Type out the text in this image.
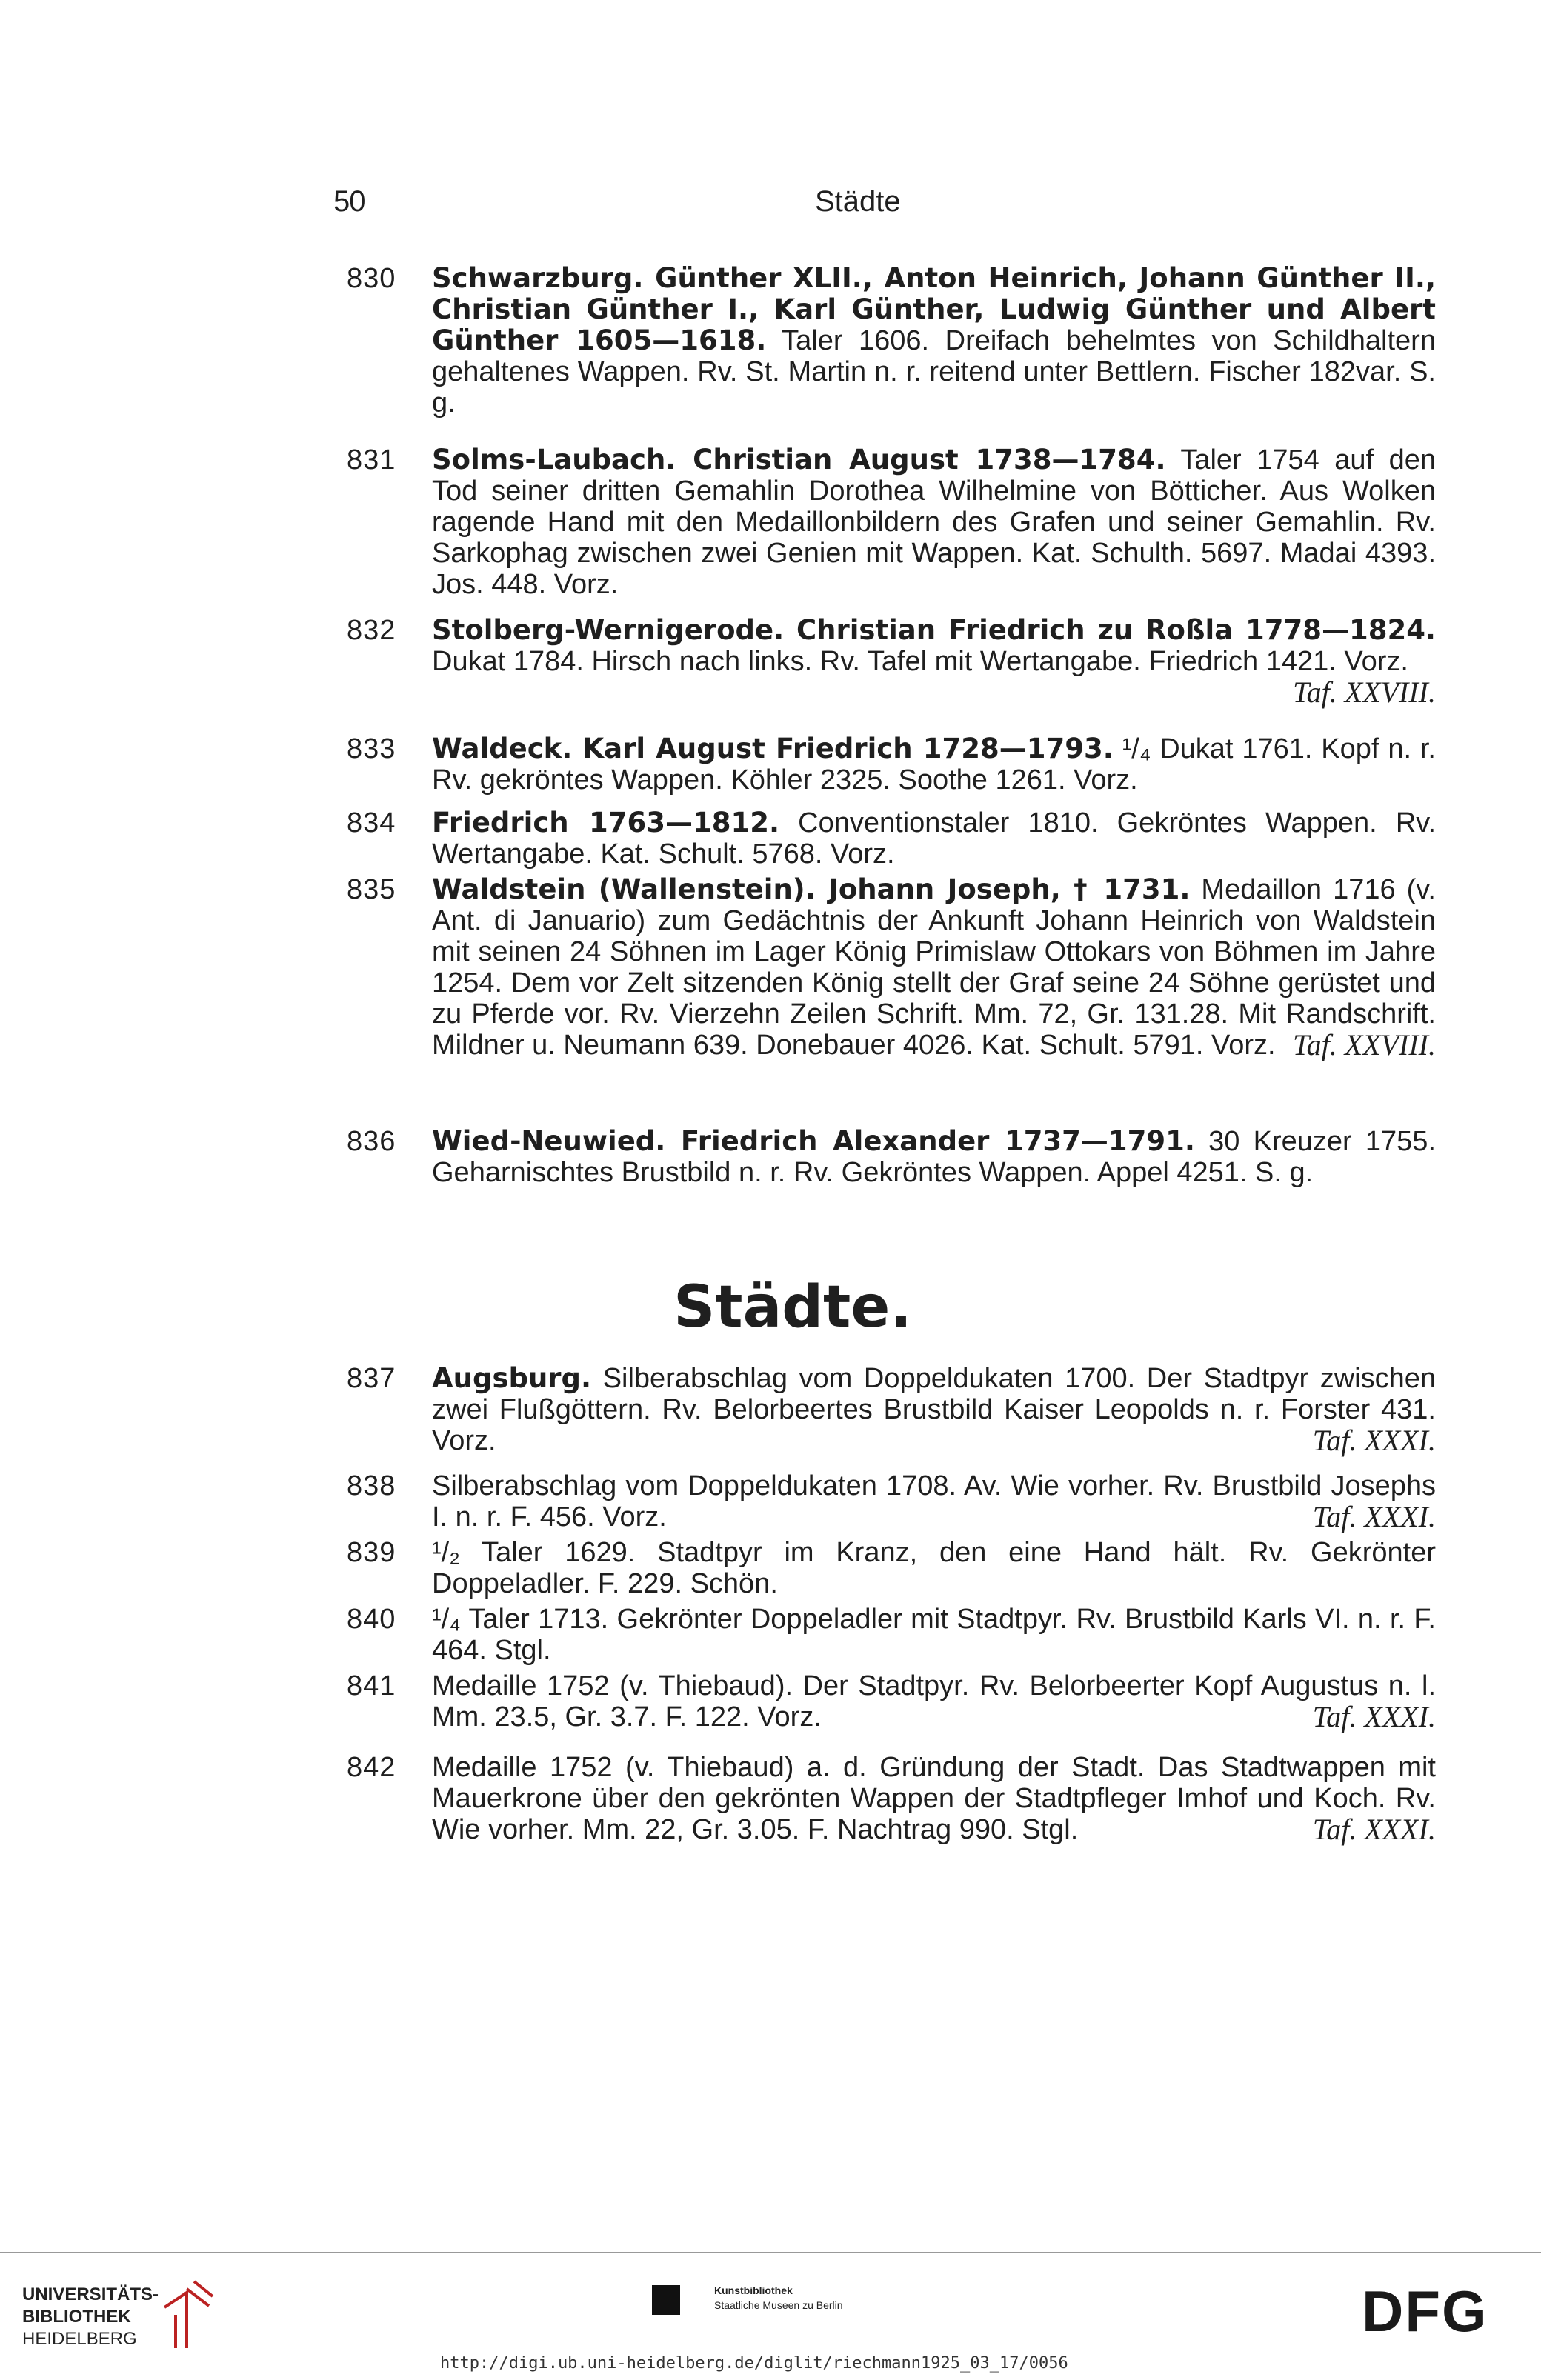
50	Städte
830 Schwarzburg. Günther XLII., Anton Heinrich, Johann Günther II., Christian Günther I., Karl Günther, Ludwig Günther und Albert Günther 1605—1618. Taler 1606. Dreifach behelmtes von Schildhaltern gehaltenes Wappen. Rv. St. Martin n. r. reitend unter Bettlern. Fischer 182var. S. g.
831 Solms-Laubach. Christian August 1738—1784. Taler 1754 auf den Tod seiner dritten Gemahlin Dorothea Wilhelmine von Bötticher. Aus Wolken ragende Hand mit den Medaillonbildern des Grafen und seiner Gemahlin. Rv. Sarkophag zwischen zwei Genien mit Wappen. Kat. Schulth. 5697. Madai 4393. Jos. 448. Vorz.
832 Stolberg-Wernigerode. Christian Friedrich zu Roßla 1778—1824. Dukat 1784. Hirsch nach links. Rv. Tafel mit Wertangabe. Friedrich 1421. Vorz.
Taf. XXVIII.
833 Waldeck. Karl August Friedrich 1728—1793. ¹/₄ Dukat 1761. Kopf n. r. Rv. gekröntes Wappen. Köhler 2325. Soothe 1261. Vorz.
834 Friedrich 1763—1812. Conventionstaler 1810. Gekröntes Wappen. Rv. Wertangabe. Kat. Schult. 5768. Vorz.
835 Waldstein (Wallenstein). Johann Joseph, † 1731. Medaillon 1716 (v. Ant. di Januario) zum Gedächtnis der Ankunft Johann Heinrich von Waldstein mit seinen 24 Söhnen im Lager König Primislaw Ottokars von Böhmen im Jahre 1254. Dem vor Zelt sitzenden König stellt der Graf seine 24 Söhne gerüstet und zu Pferde vor. Rv. Vierzehn Zeilen Schrift. Mm. 72, Gr. 131.28. Mit Randschrift. Mildner u. Neumann 639. Donebauer 4026. Kat. Schult. 5791. Vorz. Taf. XXVIII.
836 Wied-Neuwied. Friedrich Alexander 1737—1791. 30 Kreuzer 1755. Geharnischtes Brustbild n. r. Rv. Gekröntes Wappen. Appel 4251. S. g.
837 Augsburg. Silberabschlag vom Doppeldukaten 1700. Der Stadtpyr zwischen zwei Flußgöttern. Rv. Belorbeertes Brustbild Kaiser Leopolds n. r. Forster 431. Vorz.	Taf. XXXI.
838 Silberabschlag vom Doppeldukaten 1708. Av. Wie vorher. Rv. Brustbild Josephs I. n. r. F. 456. Vorz.	Taf. XXXI.
839 ¹/₂ Taler 1629. Stadtpyr im Kranz, den eine Hand hält. Rv. Gekrönter Doppeladler. F. 229. Schön.
840 ¹/₄ Taler 1713. Gekrönter Doppeladler mit Stadtpyr. Rv. Brustbild Karls VI. n. r. F. 464. Stgl.
841 Medaille 1752 (v. Thiebaud). Der Stadtpyr. Rv. Belorbeerter Kopf Augustus n. l. Mm. 23.5, Gr. 3.7. F. 122. Vorz.	Taf. XXXI.
842 Medaille 1752 (v. Thiebaud) a. d. Gründung der Stadt. Das Stadtwappen mit Mauerkrone über den gekrönten Wappen der Stadtpfleger Imhof und Koch. Rv. Wie vorher. Mm. 22, Gr. 3.05. F. Nachtrag 990. Stgl.	Taf. XXXI.
Städte.
UNIVERSITÄTS-
BIBLIOTHEK
HEIDELBERG
Kunstbibliothek
Staatliche Museen zu Berlin	DFG
http://digi.ub.uni-heidelberg.de/diglit/riechmann1925_03_17/0056
